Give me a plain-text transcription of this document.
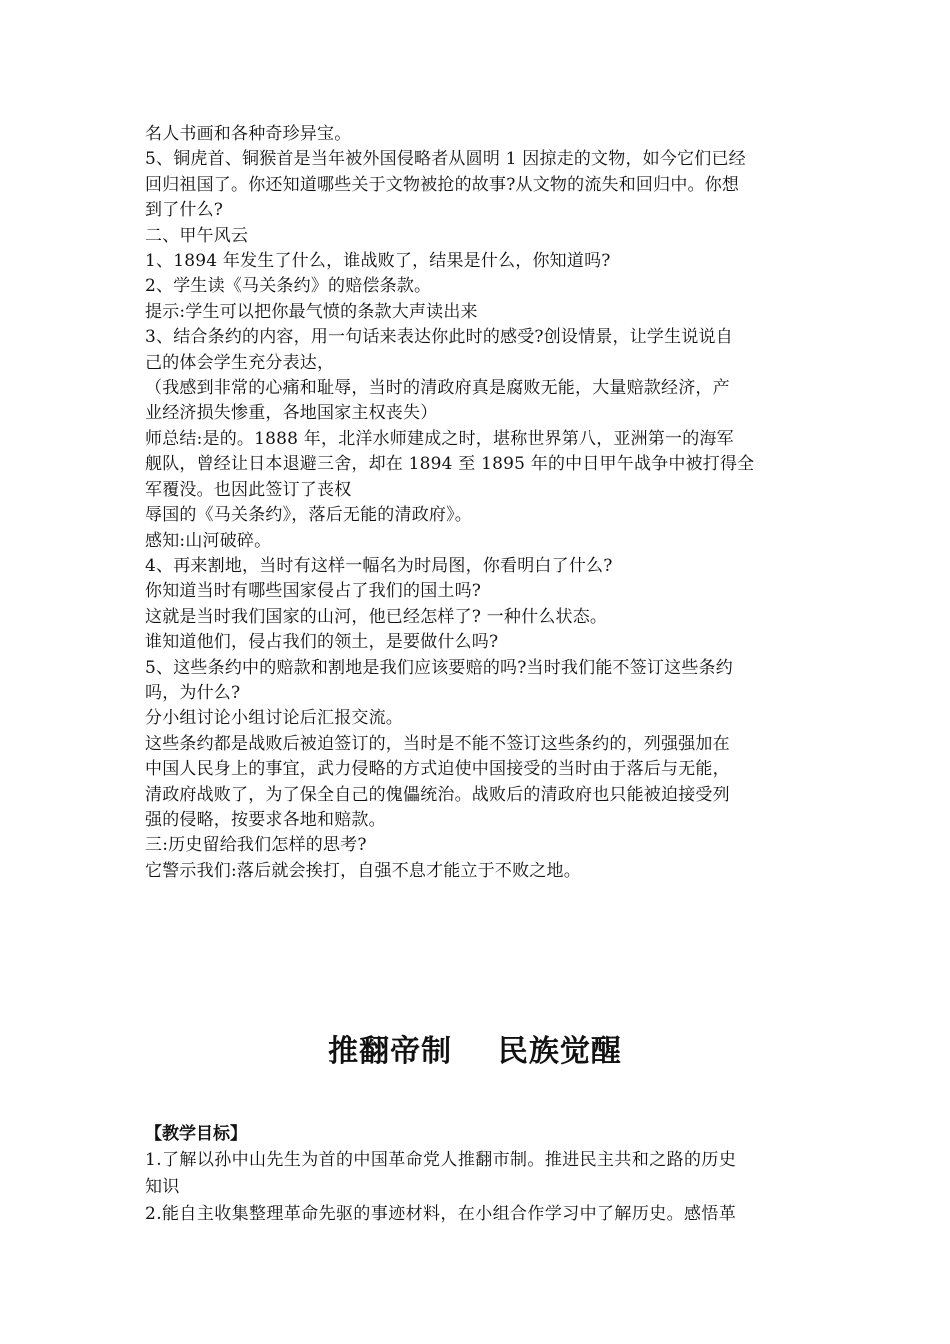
名人书画和各种奇珍异宝。
5、铜虎首、铜猴首是当年被外国侵略者从圆明 1 因掠走的文物，如今它们已经
回归祖国了。你还知道哪些关于文物被抢的故事?从文物的流失和回归中。你想
到了什么?
二、甲午风云
1、1894 年发生了什么，谁战败了，结果是什么，你知道吗?
2、学生读《马关条约》的赔偿条款。
提示:学生可以把你最气愤的条款大声读出来
3、结合条约的内容，用一句话来表达你此时的感受?创设情景，让学生说说自
己的体会学生充分表达，
（我感到非常的心痛和耻辱，当时的清政府真是腐败无能，大量赔款经济，产
业经济损失惨重，各地国家主权丧失）
师总结:是的。1888 年，北洋水师建成之时，堪称世界第八，亚洲第一的海军
舰队，曾经让日本退避三舍，却在 1894 至 1895 年的中日甲午战争中被打得全
军覆没。也因此签订了丧权
辱国的《马关条约》，落后无能的清政府》。
感知:山河破碎。
4、再来割地，当时有这样一幅名为时局图，你看明白了什么?
你知道当时有哪些国家侵占了我们的国土吗?
这就是当时我们国家的山河，他已经怎样了? 一种什么状态。
谁知道他们，侵占我们的领土，是要做什么吗?
5、这些条约中的赔款和割地是我们应该要赔的吗?当时我们能不签订这些条约
吗，为什么?
分小组讨论小组讨论后汇报交流。
这些条约都是战败后被迫签订的，当时是不能不签订这些条约的，列强强加在
中国人民身上的事宜，武力侵略的方式迫使中国接受的当时由于落后与无能，
清政府战败了，为了保全自己的傀儡统治。战败后的清政府也只能被迫接受列
强的侵略，按要求各地和赔款。
三:历史留给我们怎样的思考?
它警示我们:落后就会挨打，自强不息才能立于不败之地。
推翻帝制    民族觉醒
【教学目标】
1.了解以孙中山先生为首的中国革命党人推翻市制。推进民主共和之路的历史
知识
2.能自主收集整理革命先驱的事迹材料，在小组合作学习中了解历史。感悟革
